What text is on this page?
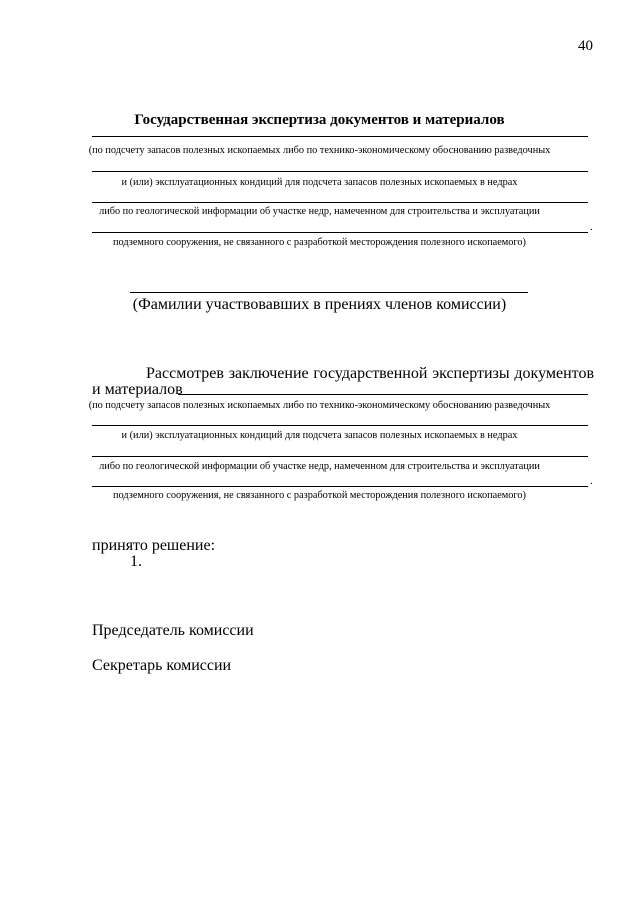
40
Государственная экспертиза документов и материалов
(по подсчету запасов полезных ископаемых либо по технико-экономическому обоснованию разведочных
и (или) эксплуатационных кондиций для подсчета запасов полезных ископаемых в недрах
либо по геологической информации об участке недр, намеченном для строительства и эксплуатации
.
подземного сооружения, не связанного с разработкой месторождения полезного ископаемого)
(Фамилии участвовавших в прениях членов комиссии)
Рассмотрев заключение государственной экспертизы документов
и материалов
(по подсчету запасов полезных ископаемых либо по технико-экономическому обоснованию разведочных
и (или) эксплуатационных кондиций для подсчета запасов полезных ископаемых в недрах
либо по геологической информации об участке недр, намеченном для строительства и эксплуатации
.
подземного сооружения, не связанного с разработкой месторождения полезного ископаемого)
принято решение:
1.
Председатель комиссии
Секретарь комиссии
